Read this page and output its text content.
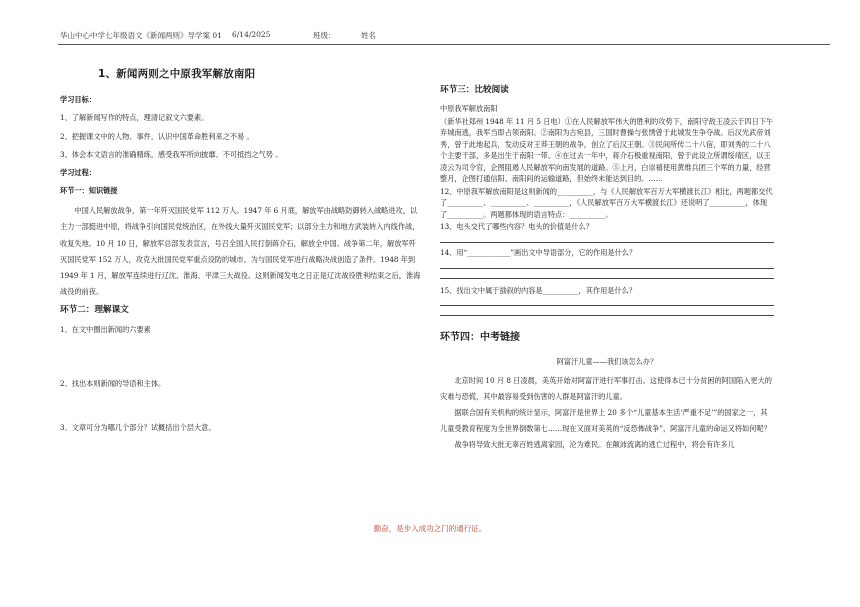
华山中心中学七年级语文《新闻两则》导学案 01 6/14/2025	班级：	姓名
1、新闻两则之中原我军解放南阳
学习目标：
1、了解新闻写作的特点，理清记叙文六要素。
2、把握课文中的人物、事件，认识中国革命胜利来之不易 。
3、体会本文语言的准确精练，感受我军所向披靡、不可抵挡之气势 。
学习过程：
环节一：知识链接
中国人民解放战争，第一年歼灭国民党军 112 万人。1947 年 6 月底，解放军由战略防御转入战略进攻，以主力一部挺进中原，将战争引向国民党统治区，在外线大量歼灭国民党军；以部分主力和地方武装转入内线作战，收复失地。10 月 10 日，解放军总部发表宣言，号召全国人民打倒蒋介石，解放全中国。战争第二年，解放军歼灭国民党军 152 万人，攻克大批国民党军重点设防的城市。为与国民党军进行战略决战创造了条件。1948 年到 1949 年 1 月，解放军连续进行辽沈、淮海、平津三大战役。这则新闻发电之日正是辽沈战役胜利结束之后，淮海战役的前夜。
环节二：理解课文
1、在文中圈出新闻的六要素
2、找出本则新闻的导语和主体。
3、文章可分为哪几个部分？试概括出个层大意。
环节三：比较阅读
中原我军解放南阳
（新华社郑州 1948 年 11 月 5 日电）①在人民解放军伟大的胜利的攻势下，南阳守敌王凌云于四日下午弃城南逃，我军当即占领南阳。②南阳为古宛县，三国时曹操与张绣曾于此城发生争夺战。后汉光武帝刘秀，曾于此地起兵，发动反对王莽王朝的战争，创立了后汉王朝。③民间所传二十八宿，即刘秀的二十八个主要干部，多是出生于南阳一带。④在过去一年中，蒋介石极重视南阳，曾于此设立所谓绥靖区，以王凌云为司令官，企图阻遏人民解放军向南发展的道路。⑤上月，白崇禧使用黄维兵团三个军的力量，经营整月，企图打通信阳、南阳间的运输道路，但始终未能达到目的。……
12、中原我军解放南阳是这则新闻的__________，与《人民解放军百万大军横渡长江》相比，两题都交代了__________、__________、__________，《人民解放军百万大军横渡长江》还说明了__________，体现了__________。两题都体现的语言特点：__________。
13、电头交代了哪些内容？电头的价值是什么？
14、用“____________”画出文中导语部分，它的作用是什么？
15、找出文中属于插叙的内容是__________，其作用是什么？
环节四：中考链接
阿富汗儿童——我们该怎么办？
北京时间 10 月 8 日凌晨，美英开始对阿富汗进行军事打击。这使得本已十分贫困的阿国陷入更大的灾难与恐慌，其中最容易受到伤害的人群是阿富汗的儿童。
据联合国有关机构的统计显示，阿富汗是世界上 20 多个“儿童基本生活‘严重不足’”的国家之一，其儿童受教育程度为全世界倒数第七……现在又面对美英的“反恐怖战争”，阿富汗儿童的命运又将如何呢？
战争将导致大批无辜百姓逃离家园，沦为难民。在颠沛流离的逃亡过程中，将会有许多儿
勤奋，是步入成功之门的通行证。
